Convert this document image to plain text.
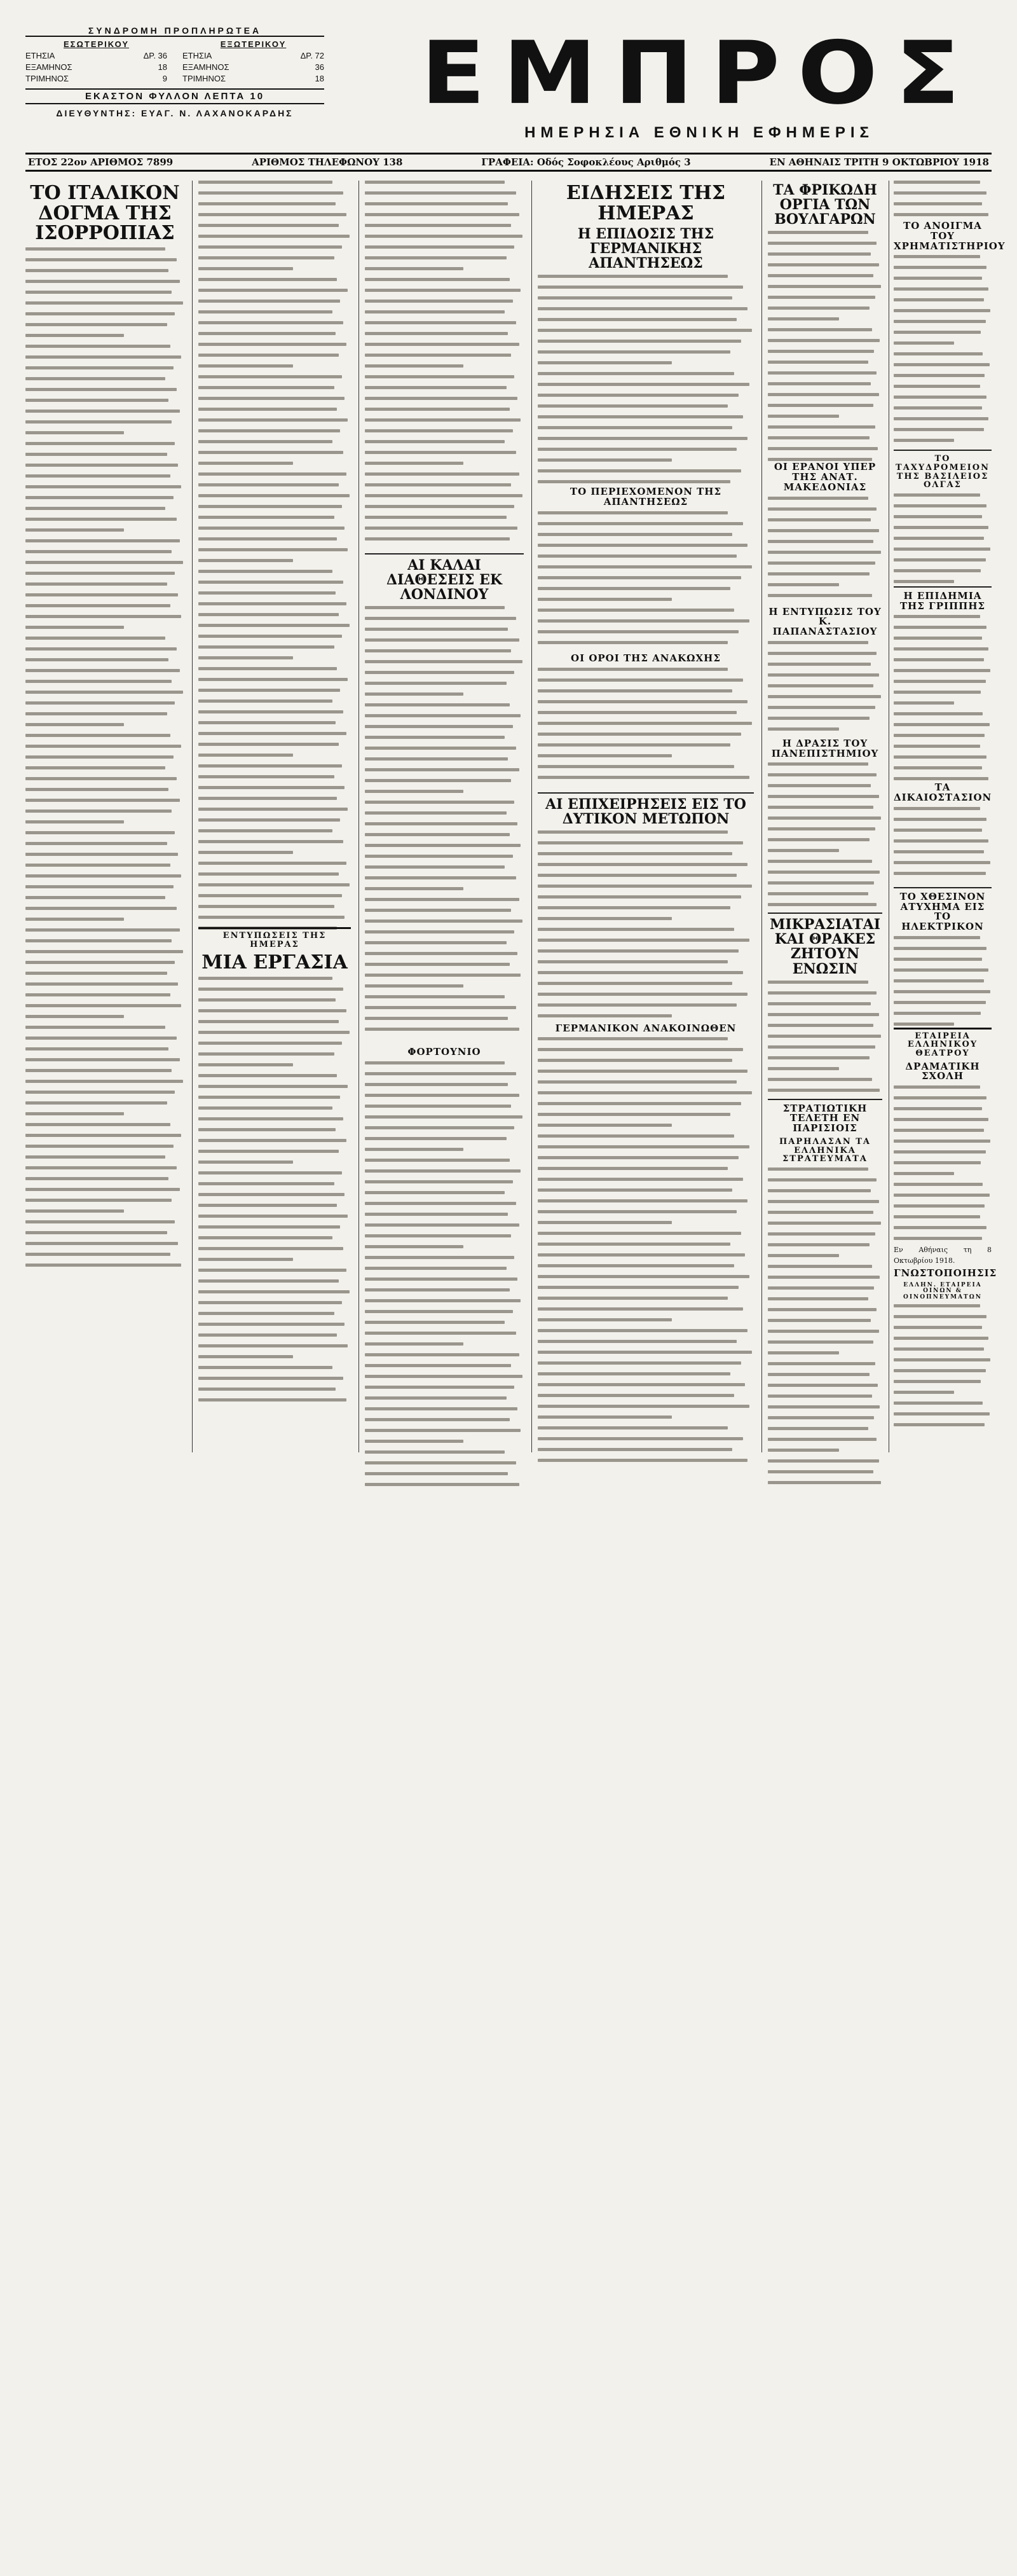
ΣΥΝΔΡΟΜΗ ΠΡΟΠΛΗΡΩΤΕΑ
ΕΣΩΤΕΡΙΚΟΥ
ΕΤΗΣΙΑ	ΔΡ. 36
ΕΞΑΜΗΝΟΣ	18
ΤΡΙΜΗΝΟΣ	9
ΕΞΩΤΕΡΙΚΟΥ
ΕΤΗΣΙΑ	ΔΡ. 72
ΕΞΑΜΗΝΟΣ	36
ΤΡΙΜΗΝΟΣ	18
ΕΚΑΣΤΟΝ ΦΥΛΛΟΝ ΛΕΠΤΑ 10
ΔΙΕΥΘΥΝΤΗΣ: ΕΥΑΓ. Ν. ΛΑΧΑΝΟΚΑΡΔΗΣ	ΕΜΠΡΟΣ
ΗΜΕΡΗΣΙΑ ΕΘΝΙΚΗ ΕΦΗΜΕΡΙΣ
ΕΤΟΣ 22ον ΑΡΙΘΜΟΣ 7899	ΑΡΙΘΜΟΣ ΤΗΛΕΦΩΝΟΥ 138	ΓΡΑΦΕΙΑ: Οδός Σοφοκλέους Αριθμός 3	ΕΝ ΑΘΗΝΑΙΣ ΤΡΙΤΗ 9 ΟΚΤΩΒΡΙΟΥ 1918
ΤΟ ΙΤΑΛΙΚΟΝ ΔΟΓΜΑ ΤΗΣ ΙΣΟΡΡΟΠΙΑΣ
ΕΝΤΥΠΩΣΕΙΣ ΤΗΣ ΗΜΕΡΑΣ
ΜΙΑ ΕΡΓΑΣΙΑ
ΑΙ ΚΑΛΑΙ ΔΙΑΘΕΣΕΙΣ ΕΚ ΛΟΝΔΙΝΟΥ
ΦΟΡΤΟΥΝΙΟ
ΕΙΔΗΣΕΙΣ ΤΗΣ ΗΜΕΡΑΣ
Η ΕΠΙΔΟΣΙΣ ΤΗΣ ΓΕΡΜΑΝΙΚΗΣ ΑΠΑΝΤΗΣΕΩΣ
ΤΟ ΠΕΡΙΕΧΟΜΕΝΟΝ ΤΗΣ ΑΠΑΝΤΗΣΕΩΣ
ΟΙ ΟΡΟΙ ΤΗΣ ΑΝΑΚΩΧΗΣ
ΑΙ ΕΠΙΧΕΙΡΗΣΕΙΣ ΕΙΣ ΤΟ ΔΥΤΙΚΟΝ ΜΕΤΩΠΟΝ
ΓΕΡΜΑΝΙΚΟΝ ΑΝΑΚΟΙΝΩΘΕΝ
ΤΑ ΦΡΙΚΩΔΗ ΟΡΓΙΑ ΤΩΝ ΒΟΥΛΓΑΡΩΝ
ΟΙ ΕΡΑΝΟΙ ΥΠΕΡ ΤΗΣ ΑΝΑΤ. ΜΑΚΕΔΟΝΙΑΣ
Η ΕΝΤΥΠΩΣΙΣ ΤΟΥ Κ. ΠΑΠΑΝΑΣΤΑΣΙΟΥ
Η ΔΡΑΣΙΣ ΤΟΥ ΠΑΝΕΠΙΣΤΗΜΙΟΥ
ΜΙΚΡΑΣΙΑΤΑΙ ΚΑΙ ΘΡΑΚΕΣ ΖΗΤΟΥΝ ΕΝΩΣΙΝ
ΣΤΡΑΤΙΩΤΙΚΗ ΤΕΛΕΤΗ ΕΝ ΠΑΡΙΣΙΟΙΣ
ΠΑΡΗΛΑΣΑΝ ΤΑ ΕΛΛΗΝΙΚΑ ΣΤΡΑΤΕΥΜΑΤΑ
ΤΟ ΑΝΟΙΓΜΑ ΤΟΥ ΧΡΗΜΑΤΙΣΤΗΡΙΟΥ
ΤΟ ΤΑΧΥΔΡΟΜΕΙΟΝ ΤΗΣ ΒΑΣΙΛΕΙΟΣ ΟΛΓΑΣ
Η ΕΠΙΔΗΜΙΑ ΤΗΣ ΓΡΙΠΠΗΣ
ΤΑ ΔΙΚΑΙΟΣΤΑΣΙΟΝ
ΤΟ ΧΘΕΣΙΝΟΝ ΑΤΥΧΗΜΑ ΕΙΣ ΤΟ ΗΛΕΚΤΡΙΚΟΝ
ΕΤΑΙΡΕΙΑ ΕΛΛΗΝΙΚΟΥ ΘΕΑΤΡΟΥ
ΔΡΑΜΑΤΙΚΗ ΣΧΟΛΗ
Εν Αθήναις τη 8 Οκτωβρίου 1918.
ΓΝΩΣΤΟΠΟΙΗΣΙΣ
ΕΛΛΗΝ. ΕΤΑΙΡΕΙΑ ΟΙΝΩΝ & ΟΙΝΟΠΝΕΥΜΑΤΩΝ
